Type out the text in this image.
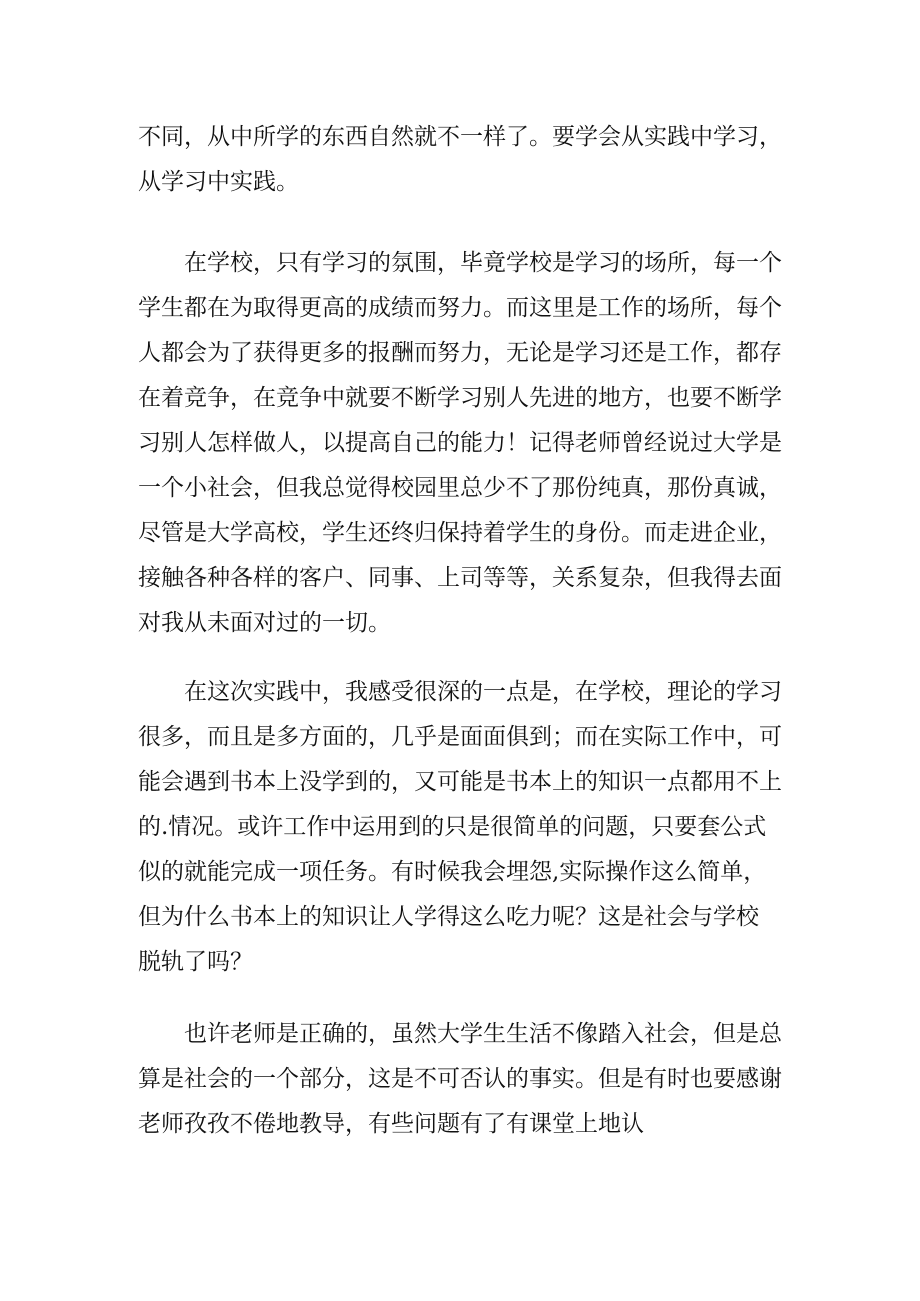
不同，从中所学的东西自然就不一样了。要学会从实践中学习，
从学习中实践。
在学校，只有学习的氛围，毕竟学校是学习的场所，每一个
学生都在为取得更高的成绩而努力。而这里是工作的场所，每个
人都会为了获得更多的报酬而努力，无论是学习还是工作，都存
在着竞争，在竞争中就要不断学习别人先进的地方，也要不断学
习别人怎样做人，以提高自己的能力！记得老师曾经说过大学是
一个小社会，但我总觉得校园里总少不了那份纯真，那份真诚，
尽管是大学高校，学生还终归保持着学生的身份。而走进企业，
接触各种各样的客户、同事、上司等等，关系复杂，但我得去面
对我从未面对过的一切。
在这次实践中，我感受很深的一点是，在学校，理论的学习
很多，而且是多方面的，几乎是面面俱到；而在实际工作中，可
能会遇到书本上没学到的，又可能是书本上的知识一点都用不上
的.情况。或许工作中运用到的只是很简单的问题，只要套公式
似的就能完成一项任务。有时候我会埋怨,实际操作这么简单，
但为什么书本上的知识让人学得这么吃力呢？这是社会与学校
脱轨了吗？
也许老师是正确的，虽然大学生生活不像踏入社会，但是总
算是社会的一个部分，这是不可否认的事实。但是有时也要感谢
老师孜孜不倦地教导，有些问题有了有课堂上地认
